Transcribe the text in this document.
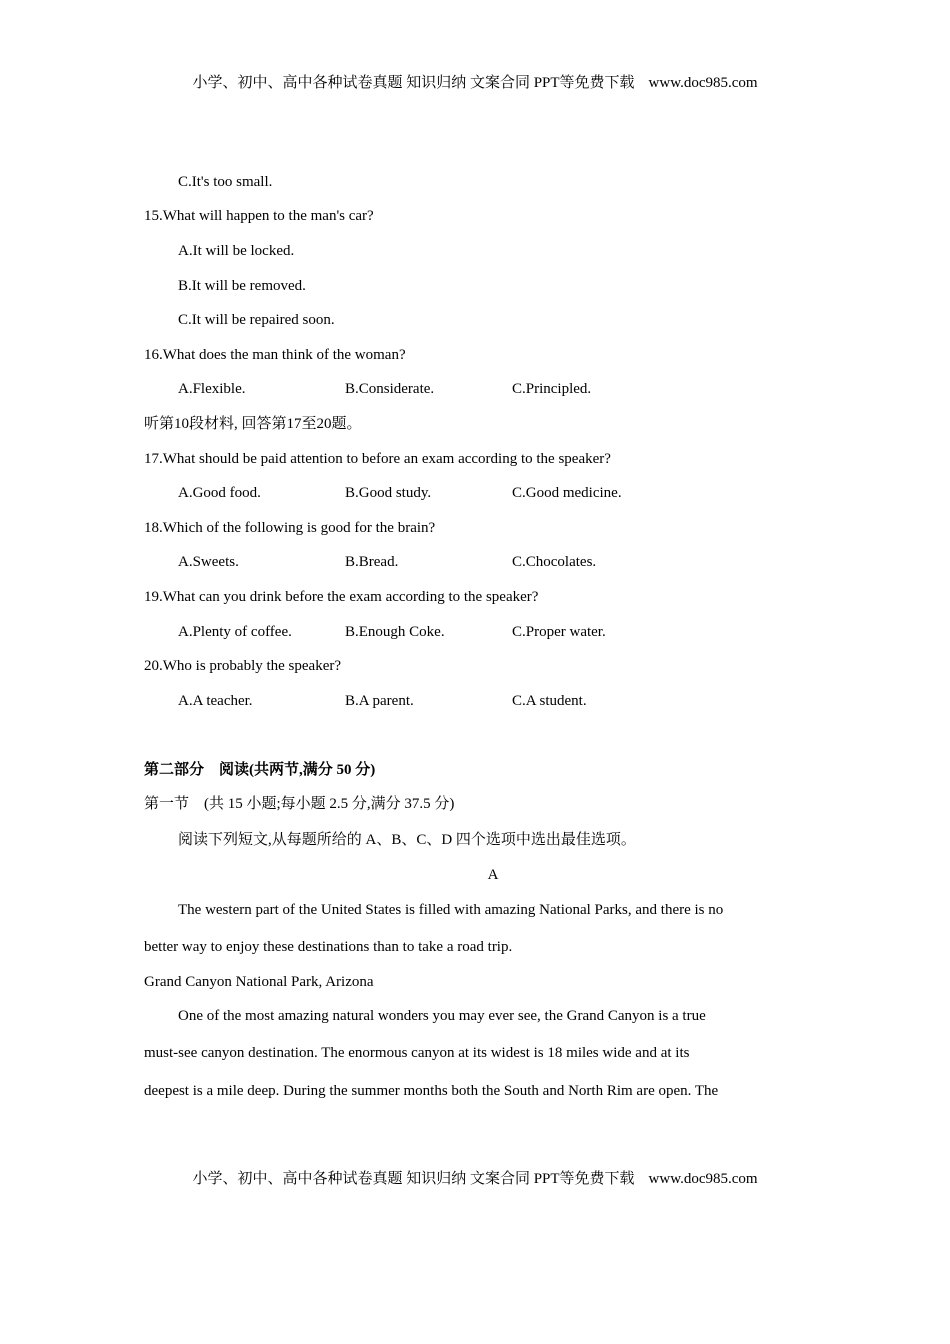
小学、初中、高中各种试卷真题 知识归纳 文案合同 PPT等免费下载 www.doc985.com
C.It's too small.
15.What will happen to the man's car?
A.It will be locked.
B.It will be removed.
C.It will be repaired soon.
16.What does the man think of the woman?
A.Flexible.	B.Considerate.	C.Principled.
听第10段材料, 回答第17至20题。
17.What should be paid attention to before an exam according to the speaker?
A.Good food.	B.Good study.	C.Good medicine.
18.Which of the following is good for the brain?
A.Sweets.	B.Bread.	C.Chocolates.
19.What can you drink before the exam according to the speaker?
A.Plenty of coffee.	B.Enough Coke.	C.Proper water.
20.Who is probably the speaker?
A.A teacher.	B.A parent.	C.A student.
第二部分　阅读(共两节,满分 50 分)
第一节　(共 15 小题;每小题 2.5 分,满分 37.5 分)
阅读下列短文,从每题所给的 A、B、C、D 四个选项中选出最佳选项。
A
The western part of the United States is filled with amazing National Parks, and there is no
better way to enjoy these destinations than to take a road trip.
Grand Canyon National Park, Arizona
One of the most amazing natural wonders you may ever see, the Grand Canyon is a true
must-see canyon destination. The enormous canyon at its widest is 18 miles wide and at its
deepest is a mile deep. During the summer months both the South and North Rim are open. The
小学、初中、高中各种试卷真题 知识归纳 文案合同 PPT等免费下载 www.doc985.com
